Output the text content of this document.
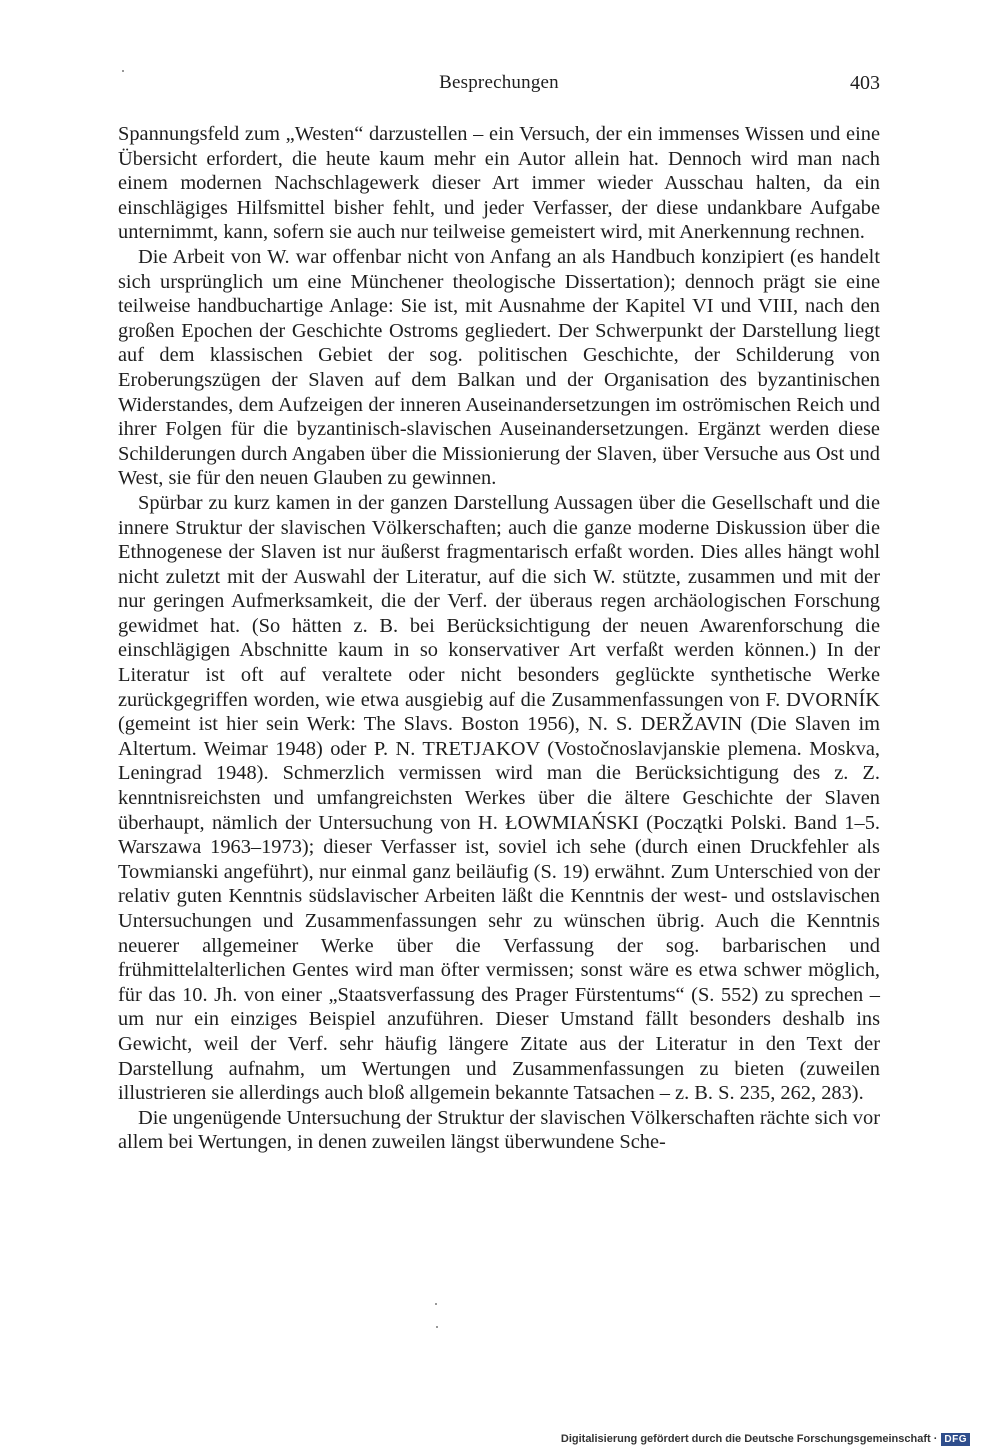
Besprechungen	403

Spannungsfeld zum „Westen“ darzustellen – ein Versuch, der ein immenses Wissen und eine Übersicht erfordert, die heute kaum mehr ein Autor allein hat. Dennoch wird man nach einem modernen Nachschlagewerk dieser Art immer wieder Ausschau halten, da ein einschlägiges Hilfsmittel bisher fehlt, und jeder Verfasser, der diese undankbare Aufgabe unternimmt, kann, sofern sie auch nur teilweise gemeistert wird, mit Anerkennung rechnen.

Die Arbeit von W. war offenbar nicht von Anfang an als Handbuch konzipiert (es handelt sich ursprünglich um eine Münchener theologische Dissertation); dennoch prägt sie eine teilweise handbuchartige Anlage: Sie ist, mit Ausnahme der Kapitel VI und VIII, nach den großen Epochen der Geschichte Ostroms gegliedert. Der Schwerpunkt der Darstellung liegt auf dem klassischen Gebiet der sog. politischen Geschichte, der Schilderung von Eroberungszügen der Slaven auf dem Balkan und der Organisation des byzantinischen Widerstandes, dem Aufzeigen der inneren Auseinandersetzungen im oströmischen Reich und ihrer Folgen für die byzantinisch-slavischen Auseinandersetzungen. Ergänzt werden diese Schilderungen durch Angaben über die Missionierung der Slaven, über Versuche aus Ost und West, sie für den neuen Glauben zu gewinnen.

Spürbar zu kurz kamen in der ganzen Darstellung Aussagen über die Gesellschaft und die innere Struktur der slavischen Völkerschaften; auch die ganze moderne Diskussion über die Ethnogenese der Slaven ist nur äußerst fragmentarisch erfaßt worden. Dies alles hängt wohl nicht zuletzt mit der Auswahl der Literatur, auf die sich W. stützte, zusammen und mit der nur geringen Aufmerksamkeit, die der Verf. der überaus regen archäologischen Forschung gewidmet hat. (So hätten z. B. bei Berücksichtigung der neuen Awarenforschung die einschlägigen Abschnitte kaum in so konservativer Art verfaßt werden können.) In der Literatur ist oft auf veraltete oder nicht besonders geglückte synthetische Werke zurückgegriffen worden, wie etwa ausgiebig auf die Zusammenfassungen von F. DVORNÍK (gemeint ist hier sein Werk: The Slavs. Boston 1956), N. S. DERŽAVIN (Die Slaven im Altertum. Weimar 1948) oder P. N. TRETJAKOV (Vostočnoslavjanskie plemena. Moskva, Leningrad 1948). Schmerzlich vermissen wird man die Berücksichtigung des z. Z. kenntnisreichsten und umfangreichsten Werkes über die ältere Geschichte der Slaven überhaupt, nämlich der Untersuchung von H. ŁOWMIAŃSKI (Początki Polski. Band 1–5. Warszawa 1963–1973); dieser Verfasser ist, soviel ich sehe (durch einen Druckfehler als Towmianski angeführt), nur einmal ganz beiläufig (S. 19) erwähnt. Zum Unterschied von der relativ guten Kenntnis südslavischer Arbeiten läßt die Kenntnis der west- und ostslavischen Untersuchungen und Zusammenfassungen sehr zu wünschen übrig. Auch die Kenntnis neuerer allgemeiner Werke über die Verfassung der sog. barbarischen und frühmittelalterlichen Gentes wird man öfter vermissen; sonst wäre es etwa schwer möglich, für das 10. Jh. von einer „Staatsverfassung des Prager Fürstentums“ (S. 552) zu sprechen – um nur ein einziges Beispiel anzuführen. Dieser Umstand fällt besonders deshalb ins Gewicht, weil der Verf. sehr häufig längere Zitate aus der Literatur in den Text der Darstellung aufnahm, um Wertungen und Zusammenfassungen zu bieten (zuweilen illustrieren sie allerdings auch bloß allgemein bekannte Tatsachen – z. B. S. 235, 262, 283).

Die ungenügende Untersuchung der Struktur der slavischen Völkerschaften rächte sich vor allem bei Wertungen, in denen zuweilen längst überwundene Sche-

Digitalisierung gefördert durch die Deutsche Forschungsgemeinschaft · DFG
